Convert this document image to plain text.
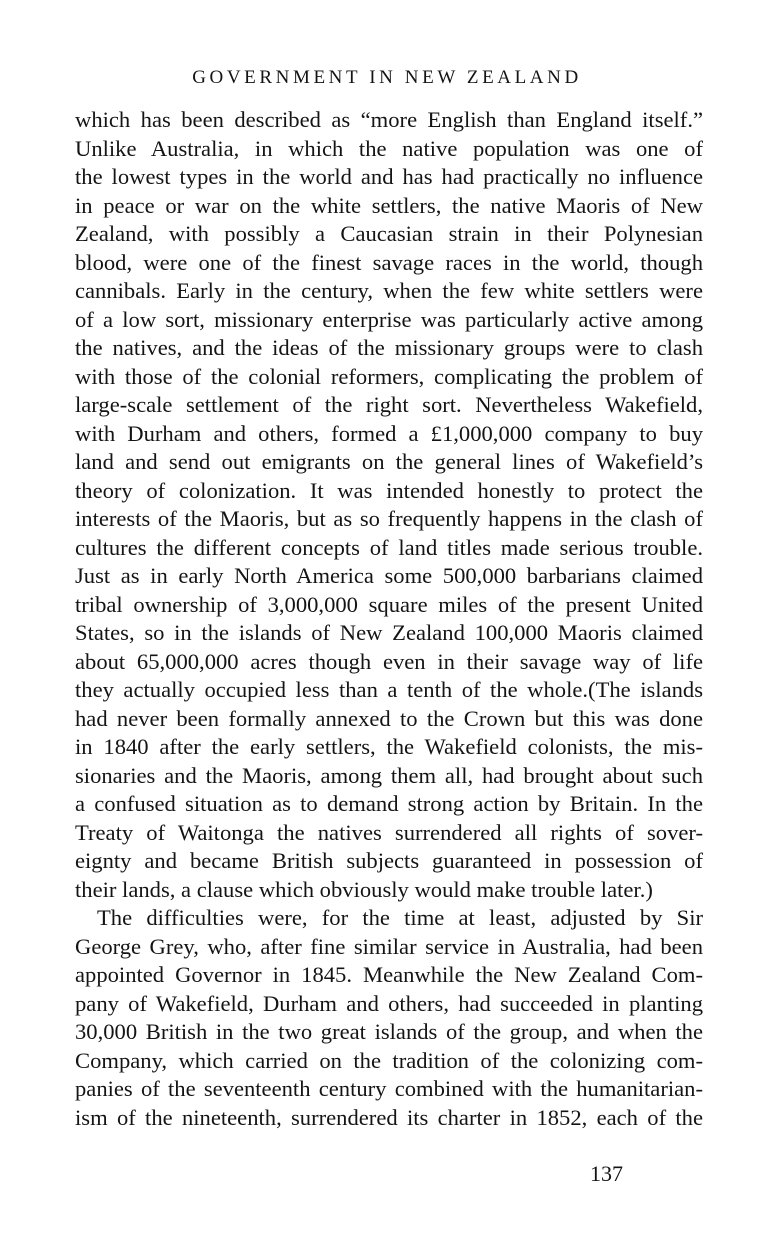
GOVERNMENT IN NEW ZEALAND
which has been described as “more English than England itself.”
Unlike Australia, in which the native population was one of
the lowest types in the world and has had practically no influence
in peace or war on the white settlers, the native Maoris of New
Zealand, with possibly a Caucasian strain in their Polynesian
blood, were one of the finest savage races in the world, though
cannibals. Early in the century, when the few white settlers were
of a low sort, missionary enterprise was particularly active among
the natives, and the ideas of the missionary groups were to clash
with those of the colonial reformers, complicating the problem of
large-scale settlement of the right sort. Nevertheless Wakefield,
with Durham and others, formed a £1,000,000 company to buy
land and send out emigrants on the general lines of Wakefield’s
theory of colonization. It was intended honestly to protect the
interests of the Maoris, but as so frequently happens in the clash of
cultures the different concepts of land titles made serious trouble.
Just as in early North America some 500,000 barbarians claimed
tribal ownership of 3,000,000 square miles of the present United
States, so in the islands of New Zealand 100,000 Maoris claimed
about 65,000,000 acres though even in their savage way of life
they actually occupied less than a tenth of the whole.(The islands
had never been formally annexed to the Crown but this was done
in 1840 after the early settlers, the Wakefield colonists, the mis-
sionaries and the Maoris, among them all, had brought about such
a confused situation as to demand strong action by Britain. In the
Treaty of Waitonga the natives surrendered all rights of sover-
eignty and became British subjects guaranteed in possession of
their lands, a clause which obviously would make trouble later.)
The difficulties were, for the time at least, adjusted by Sir
George Grey, who, after fine similar service in Australia, had been
appointed Governor in 1845. Meanwhile the New Zealand Com-
pany of Wakefield, Durham and others, had succeeded in planting
30,000 British in the two great islands of the group, and when the
Company, which carried on the tradition of the colonizing com-
panies of the seventeenth century combined with the humanitarian-
ism of the nineteenth, surrendered its charter in 1852, each of the
137
